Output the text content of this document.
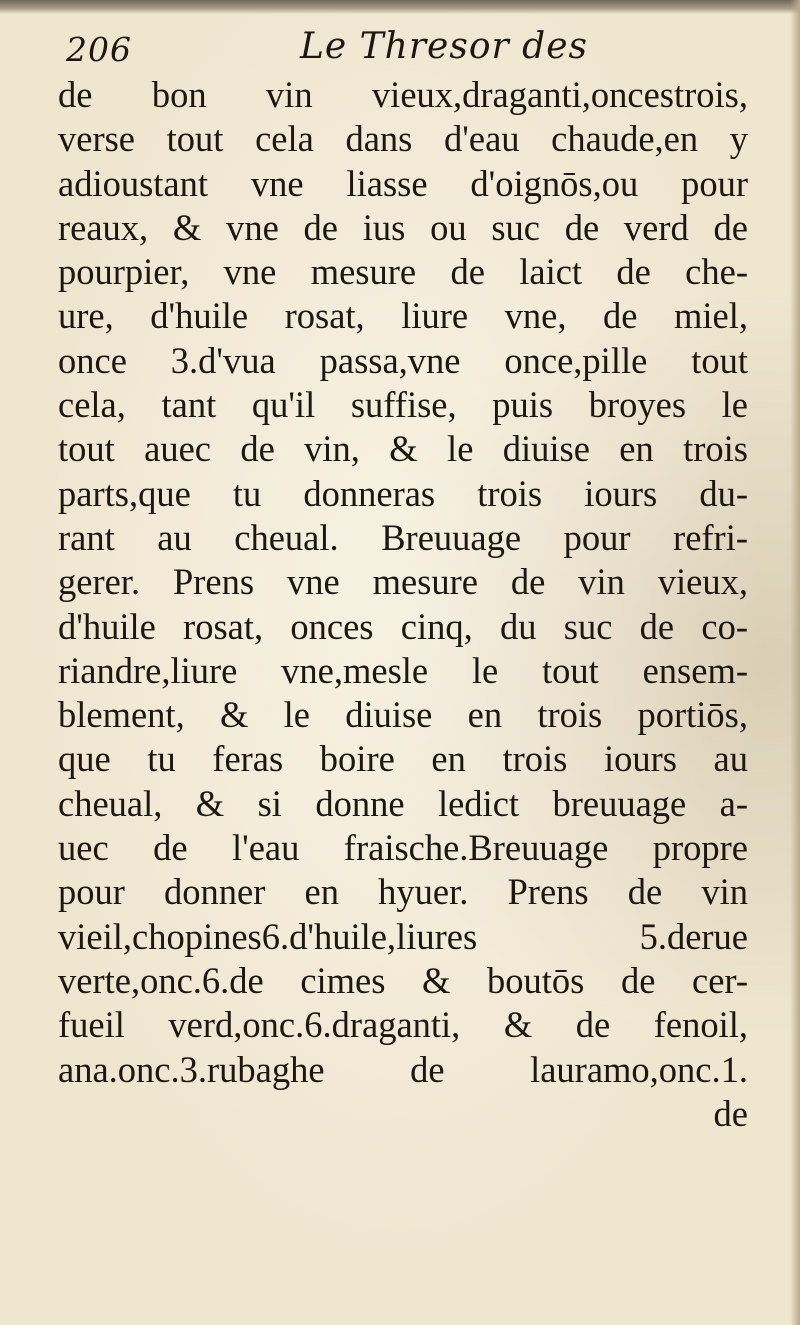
206	Le Thresor des
de bon vin vieux,draganti,oncestrois,
verse tout cela dans d'eau chaude,en y
adioustant vne liasse d'oignōs,ou pour
reaux, & vne de ius ou suc de verd de
pourpier, vne mesure de laict de che-
ure, d'huile rosat, liure vne, de miel,
once 3.d'vua passa,vne once,pille tout
cela, tant qu'il suffise, puis broyes le
tout auec de vin, & le diuise en trois
parts,que tu donneras trois iours du-
rant au cheual. Breuuage pour refri-
gerer. Prens vne mesure de vin vieux,
d'huile rosat, onces cinq, du suc de co-
riandre,liure vne,mesle le tout ensem-
blement, & le diuise en trois portiōs,
que tu feras boire en trois iours au
cheual, & si donne ledict breuuage a-
uec de l'eau fraische.Breuuage propre
pour donner en hyuer. Prens de vin
vieil,chopines6.d'huile,liures 5.derue
verte,onc.6.de cimes & boutōs de cer-
fueil verd,onc.6.draganti, & de fenoil,
ana.onc.3.rubaghe de lauramo,onc.1.
de
